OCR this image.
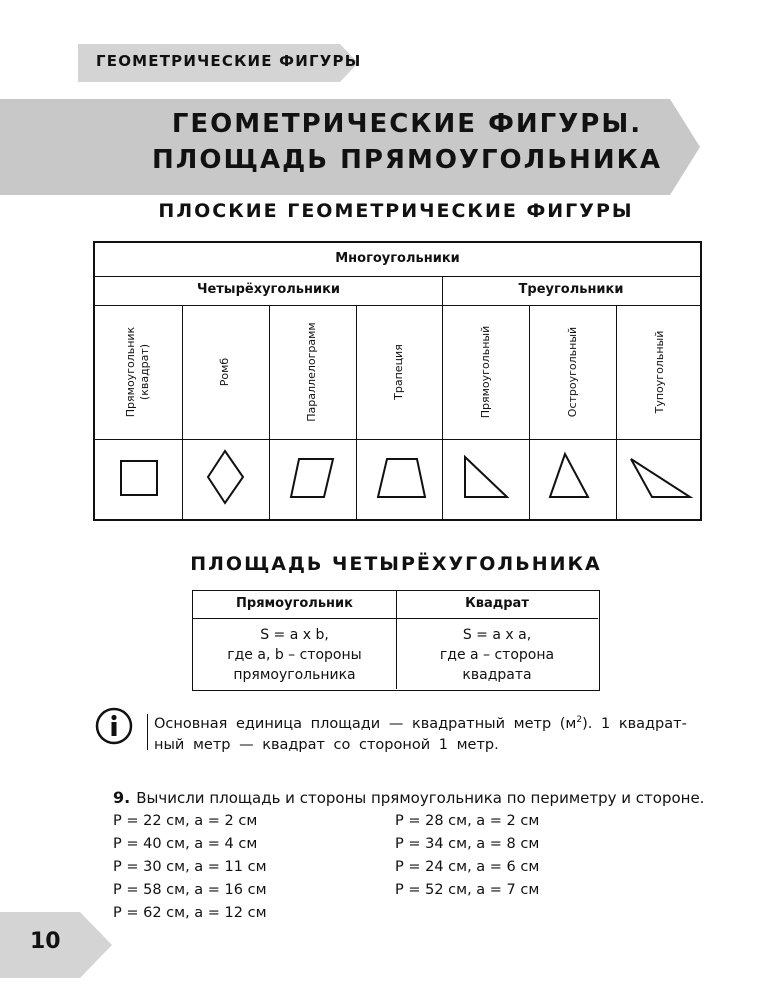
ГЕОМЕТРИЧЕСКИЕ ФИГУРЫ
ГЕОМЕТРИЧЕСКИЕ ФИГУРЫ.
ПЛОЩАДЬ ПРЯМОУГОЛЬНИКА
ПЛОСКИЕ ГЕОМЕТРИЧЕСКИЕ ФИГУРЫ
Многоугольники
Четырёхугольники	Треугольники
Прямоугольник (квадрат)	Ромб	Параллелограмм	Трапеция	Прямоугольный	Остроугольный	Тупоугольный
ПЛОЩАДЬ ЧЕТЫРЁХУГОЛЬНИКА
Прямоугольник	Квадрат
S = a x b,
где a, b – стороны
прямоугольника
S = a x a,
где a – сторона
квадрата
Основная единица площади — квадратный метр $(м^2)$. 1 квадрат-
ный метр — квадрат со стороной 1 метр.
9. Вычисли площадь и стороны прямоугольника по периметру и стороне.
P = 22 см, a = 2 см
P = 40 см, a = 4 см
P = 30 см, a = 11 см
P = 58 см, a = 16 см
P = 62 см, a = 12 см
P = 28 см, a = 2 см
P = 34 см, a = 8 см
P = 24 см, a = 6 см
P = 52 см, a = 7 см
10
